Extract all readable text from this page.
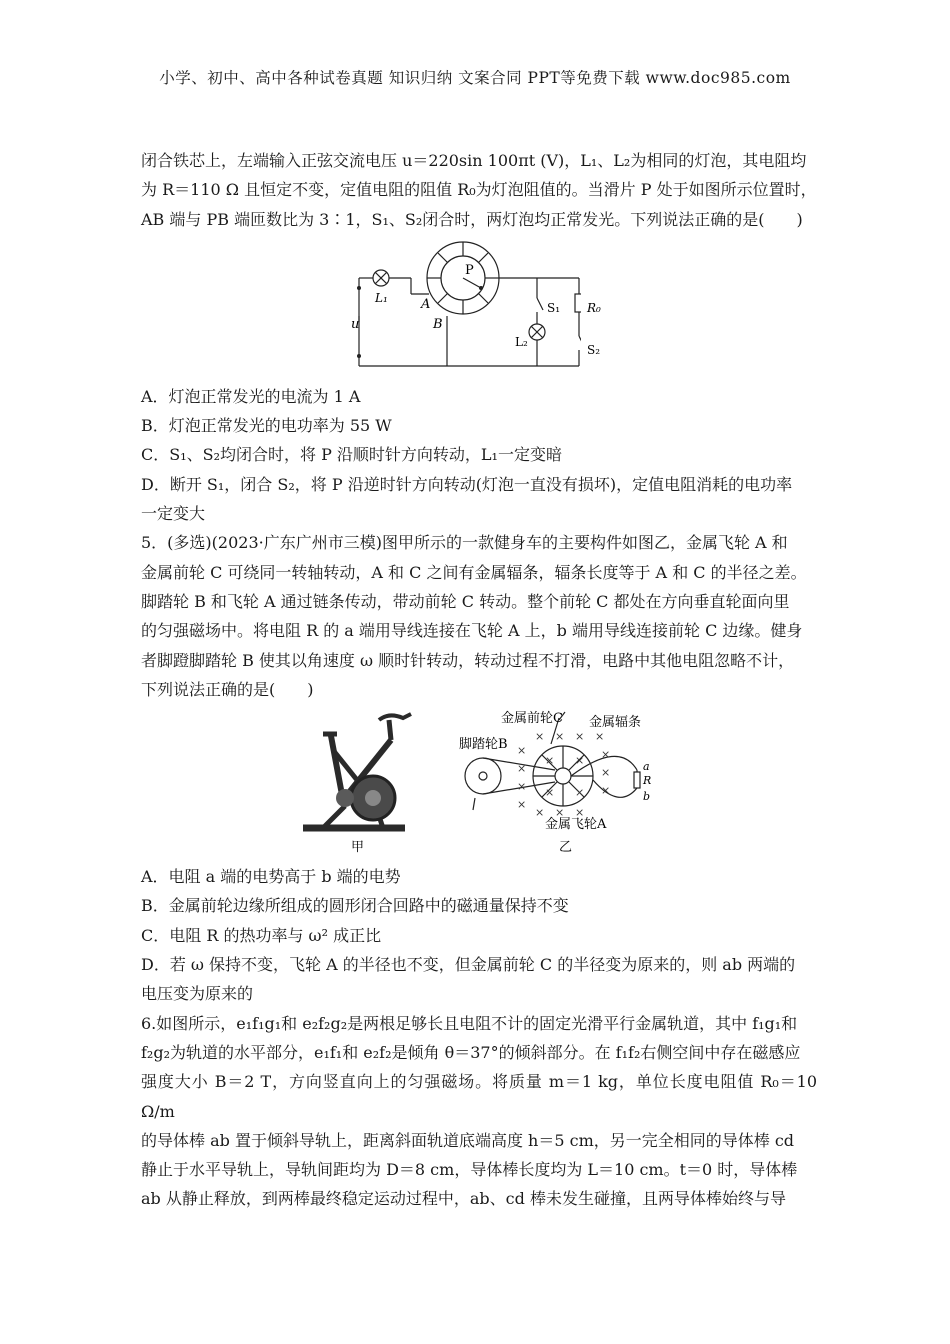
小学、初中、高中各种试卷真题 知识归纳 文案合同 PPT等免费下载 www.doc985.com

闭合铁芯上，左端输入正弦交流电压 u＝220sin 100πt (V)，L₁、L₂为相同的灯泡，其电阻均

为 R＝110 Ω 且恒定不变，定值电阻的阻值 R₀为灯泡阻值的。当滑片 P 处于如图所示位置时，

AB 端与 PB 端匝数比为 3∶1，S₁、S₂闭合时，两灯泡均正常发光。下列说法正确的是(　　)

L₁	A
B
u
P
S₁
L₂
R₀
S₂

A．灯泡正常发光的电流为 1 A

B．灯泡正常发光的电功率为 55 W

C．S₁、S₂均闭合时，将 P 沿顺时针方向转动，L₁一定变暗

D．断开 S₁，闭合 S₂，将 P 沿逆时针方向转动(灯泡一直没有损坏)，定值电阻消耗的电功率

一定变大

5．(多选)(2023·广东广州市三模)图甲所示的一款健身车的主要构件如图乙，金属飞轮 A 和

金属前轮 C 可绕同一转轴转动，A 和 C 之间有金属辐条，辐条长度等于 A 和 C 的半径之差。

脚踏轮 B 和飞轮 A 通过链条传动，带动前轮 C 转动。整个前轮 C 都处在方向垂直轮面向里

的匀强磁场中。将电阻 R 的 a 端用导线连接在飞轮 A 上，b 端用导线连接前轮 C 边缘。健身

者脚蹬脚踏轮 B 使其以角速度 ω 顺时针转动，转动过程不打滑，电路中其他电阻忽略不计，

下列说法正确的是(　　)

甲
×
×
×
×
× × × ×
× × ×
×
×
×
× ×
× ×
金属前轮C 金属辐条
脚踏轮B
金属飞轮A
a
R
b
乙

A．电阻 a 端的电势高于 b 端的电势

B．金属前轮边缘所组成的圆形闭合回路中的磁通量保持不变

C．电阻 R 的热功率与 ω² 成正比

D．若 ω 保持不变，飞轮 A 的半径也不变，但金属前轮 C 的半径变为原来的，则 ab 两端的

电压变为原来的

6.如图所示，e₁f₁g₁和 e₂f₂g₂是两根足够长且电阻不计的固定光滑平行金属轨道，其中 f₁g₁和

f₂g₂为轨道的水平部分，e₁f₁和 e₂f₂是倾角 θ＝37°的倾斜部分。在 f₁f₂右侧空间中存在磁感应

强度大小 B＝2 T，方向竖直向上的匀强磁场。将质量 m＝1 kg，单位长度电阻值 R₀＝10 Ω/m

的导体棒 ab 置于倾斜导轨上，距离斜面轨道底端高度 h＝5 cm，另一完全相同的导体棒 cd

静止于水平导轨上，导轨间距均为 D＝8 cm，导体棒长度均为 L＝10 cm。t＝0 时，导体棒

ab 从静止释放，到两棒最终稳定运动过程中，ab、cd 棒未发生碰撞，且两导体棒始终与导
